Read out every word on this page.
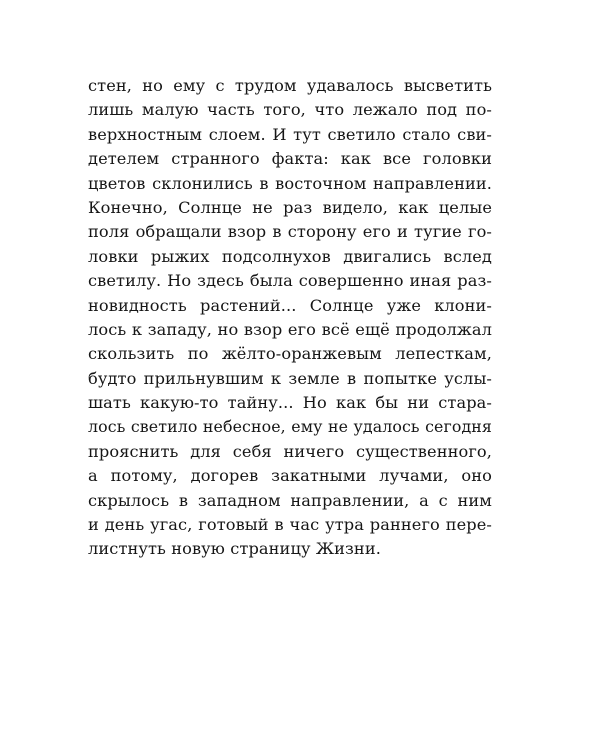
стен, но ему с трудом удавалось высветить
лишь малую часть того, что лежало под по-
верхностным слоем. И тут светило стало сви-
детелем странного факта: как все головки
цветов склонились в восточном направлении.
Конечно, Солнце не раз видело, как целые
поля обращали взор в сторону его и тугие го-
ловки рыжих подсолнухов двигались вслед
светилу. Но здесь была совершенно иная раз-
новидность растений... Солнце уже клони-
лось к западу, но взор его всё ещё продолжал
скользить по жёлто-оранжевым лепесткам,
будто прильнувшим к земле в попытке услы-
шать какую-то тайну... Но как бы ни стара-
лось светило небесное, ему не удалось сегодня
прояснить для себя ничего существенного,
а потому, догорев закатными лучами, оно
скрылось в западном направлении, а с ним
и день угас, готовый в час утра раннего пере-
листнуть новую страницу Жизни.
